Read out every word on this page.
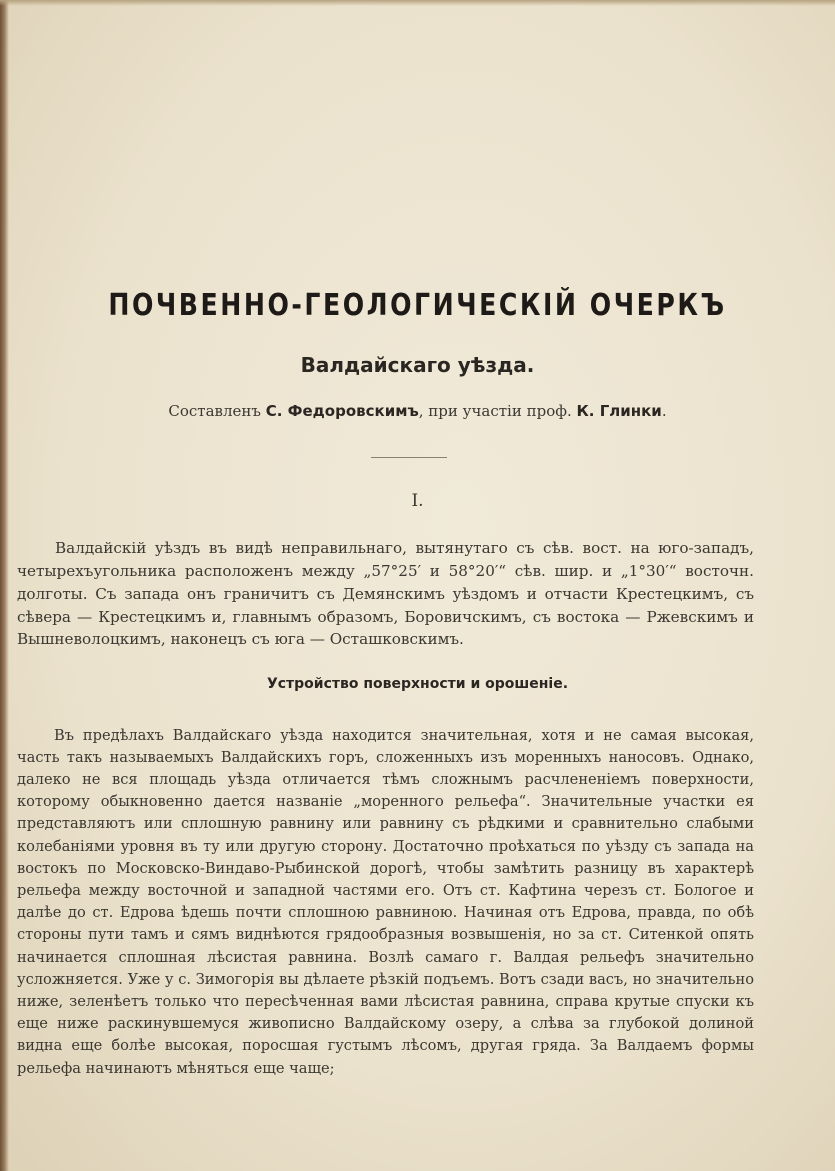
ПОЧВЕННО-ГЕОЛОГИЧЕСКІЙ ОЧЕРКЪ
Валдайскаго уѣзда.
Составленъ С. Федоровскимъ, при участіи проф. К. Глинки.
I.

Валдайскій уѣздъ въ видѣ неправильнаго, вытянутаго съ сѣв. вост. на юго-западъ, четырехъугольника расположенъ между „57°25′ и 58°20′“ сѣв. шир. и „1°30′“ восточн. долготы. Съ запада онъ граничитъ съ Демянскимъ уѣздомъ и отчасти Крестецкимъ, съ сѣвера — Крестецкимъ и, главнымъ образомъ, Боровичскимъ, съ востока — Ржевскимъ и Вышневолоцкимъ, наконецъ съ юга — Осташковскимъ.

Устройство поверхности и орошеніе.

Въ предѣлахъ Валдайскаго уѣзда находится значительная, хотя и не самая высокая, часть такъ называемыхъ Валдайскихъ горъ, сложенныхъ изъ моренныхъ наносовъ. Однако, далеко не вся площадь уѣзда отличается тѣмъ сложнымъ расчлененіемъ поверхности, которому обыкновенно дается названіе „моренного рельефа“. Значительные участки ея представляютъ или сплошную равнину или равнину съ рѣдкими и сравнительно слабыми колебаніями уровня въ ту или другую сторону. Достаточно проѣхаться по уѣзду съ запада на востокъ по Московско-Виндаво-Рыбинской дорогѣ, чтобы замѣтить разницу въ характерѣ рельефа между восточной и западной частями его. Отъ ст. Кафтина черезъ ст. Бологое и далѣе до ст. Едрова ѣдешь почти сплошною равниною. Начиная отъ Едрова, правда, по обѣ стороны пути тамъ и сямъ виднѣются грядообразныя возвышенія, но за ст. Ситенкой опять начинается сплошная лѣсистая равнина. Возлѣ самаго г. Валдая рельефъ значительно усложняется. Уже у с. Зимогорія вы дѣлаете рѣзкій подъемъ. Вотъ сзади васъ, но значительно ниже, зеленѣетъ только что пересѣченная вами лѣсистая равнина, справа крутые спуски къ еще ниже раскинувшемуся живописно Валдайскому озеру, а слѣва за глубокой долиной видна еще болѣе высокая, поросшая густымъ лѣсомъ, другая гряда. За Валдаемъ формы рельефа начинаютъ мѣняться еще чаще;
